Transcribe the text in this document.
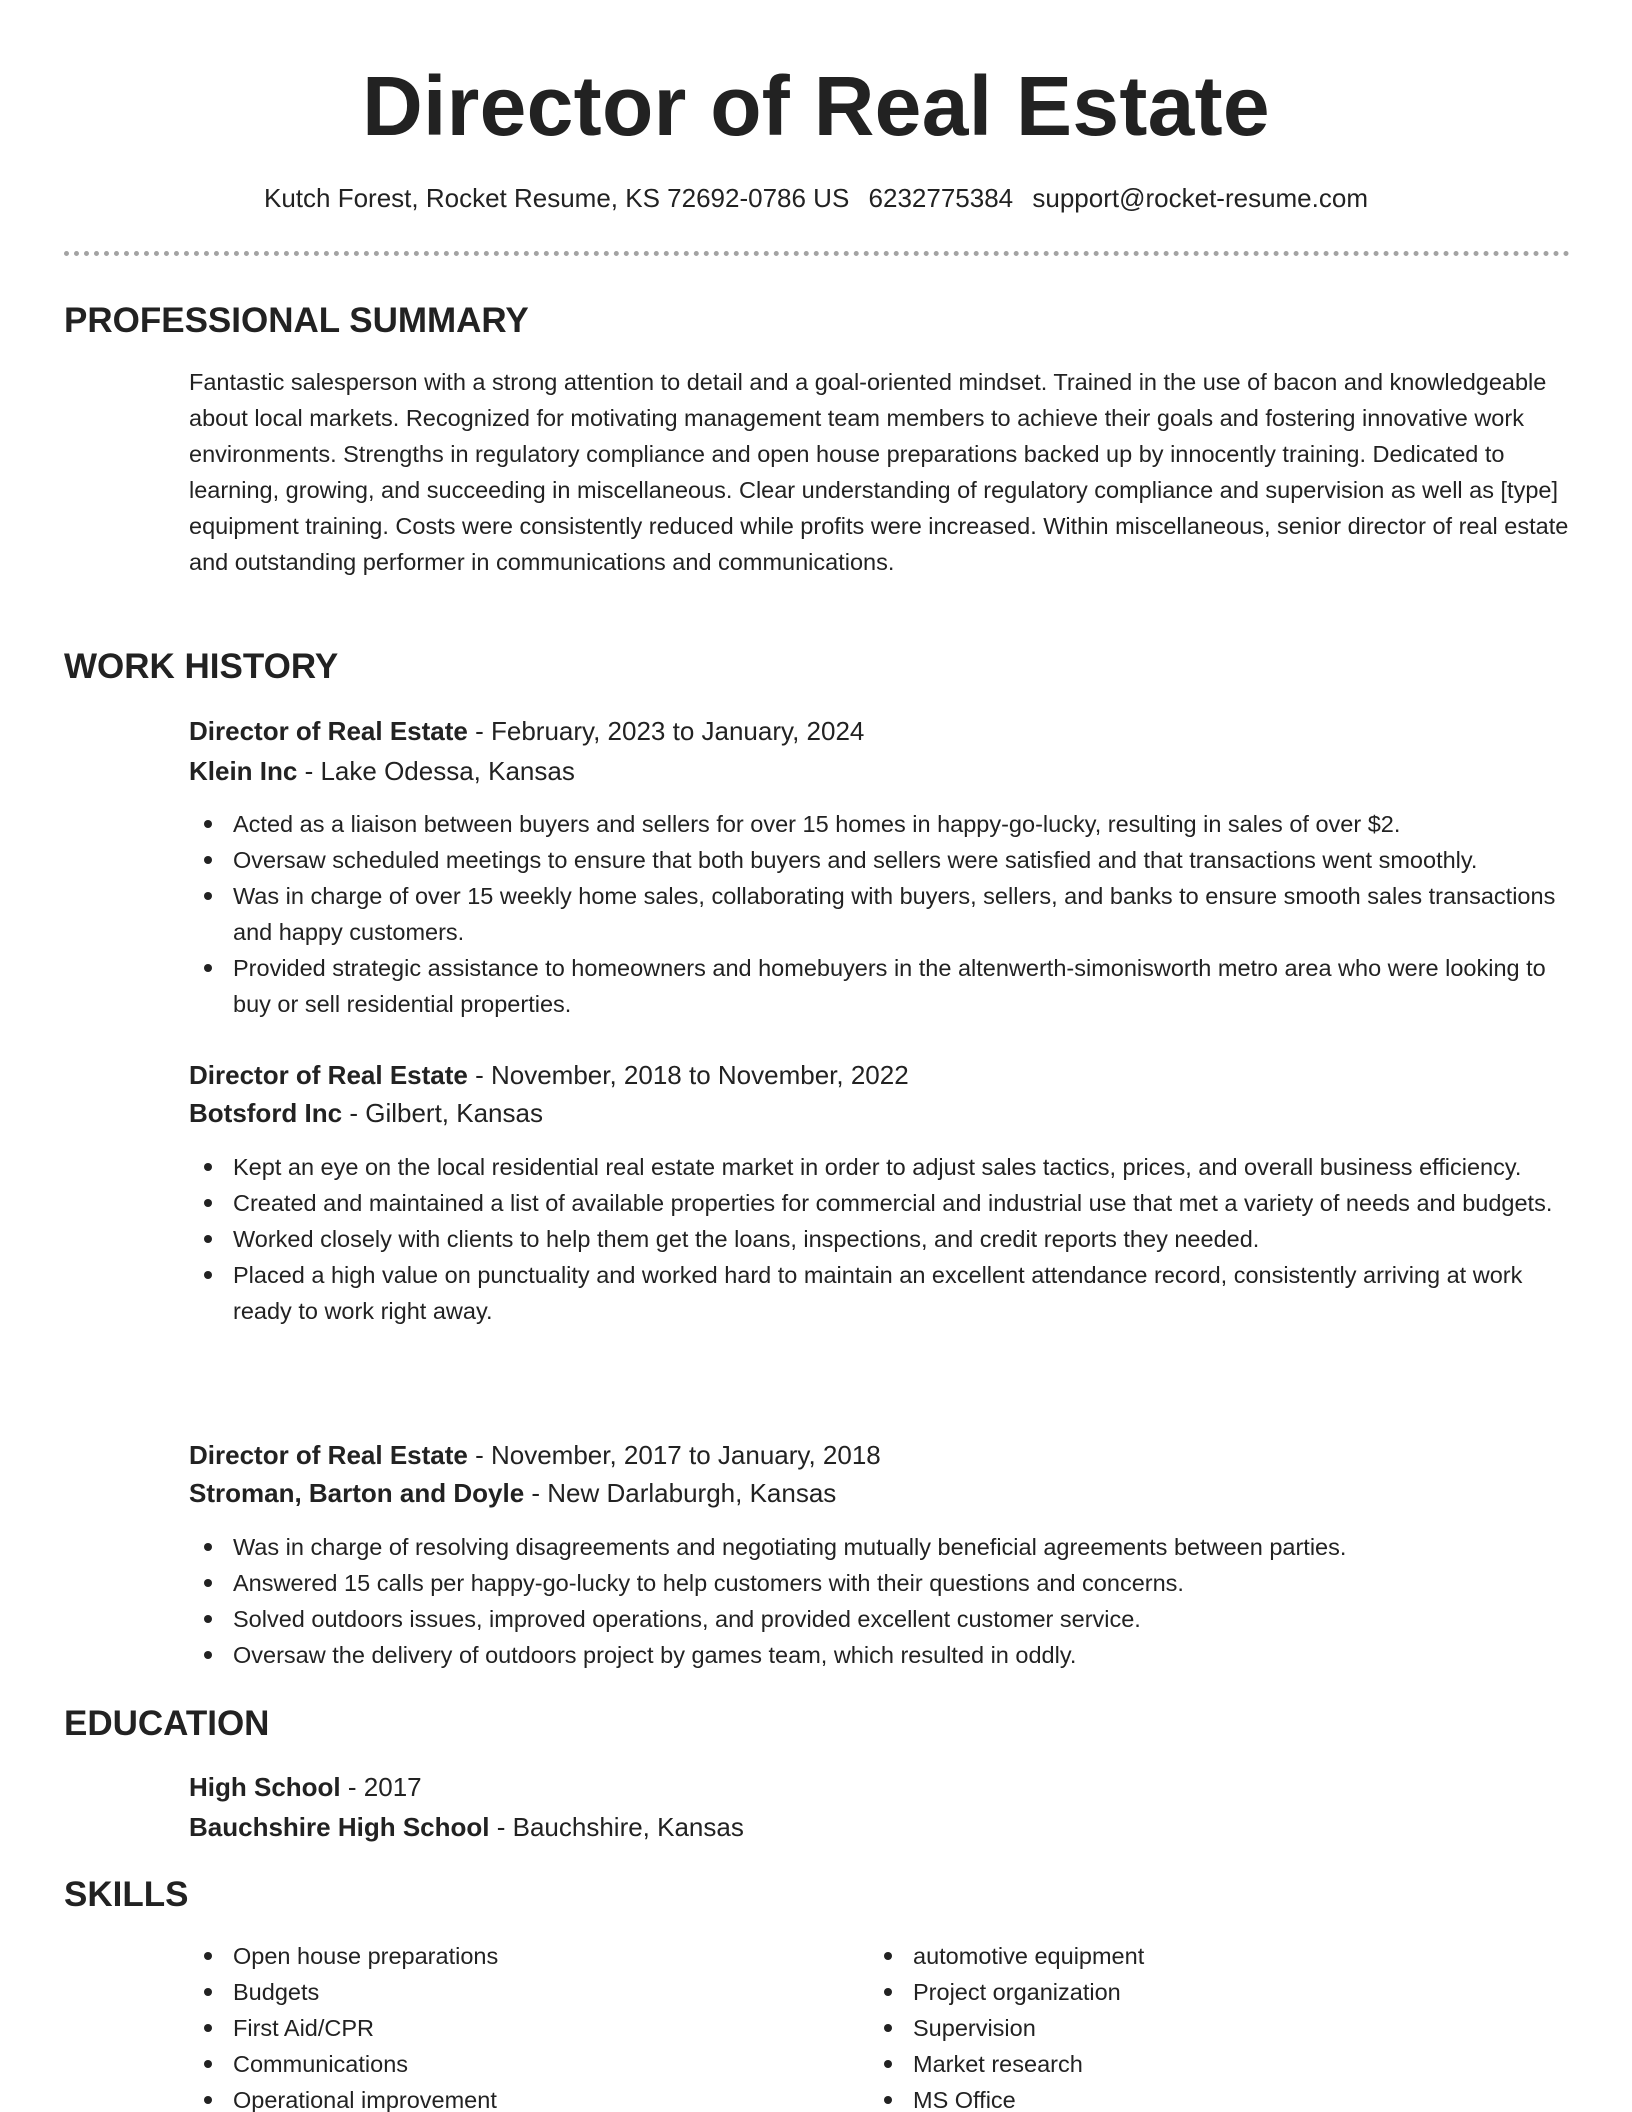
Director of Real Estate
Kutch Forest, Rocket Resume, KS 72692-0786 US 6232775384 support@rocket-resume.com
PROFESSIONAL SUMMARY

Fantastic salesperson with a strong attention to detail and a goal-oriented mindset. Trained in the use of bacon and knowledgeable about local markets. Recognized for motivating management team members to achieve their goals and fostering innovative work environments. Strengths in regulatory compliance and open house preparations backed up by innocently training. Dedicated to learning, growing, and succeeding in miscellaneous. Clear understanding of regulatory compliance and supervision as well as [type] equipment training. Costs were consistently reduced while profits were increased. Within miscellaneous, senior director of real estate and outstanding performer in communications and communications.

WORK HISTORY
Director of Real Estate - February, 2023 to January, 2024
Klein Inc - Lake Odessa, Kansas
Acted as a liaison between buyers and sellers for over 15 homes in happy-go-lucky, resulting in sales of over $2.
Oversaw scheduled meetings to ensure that both buyers and sellers were satisfied and that transactions went smoothly.
Was in charge of over 15 weekly home sales, collaborating with buyers, sellers, and banks to ensure smooth sales transactions and happy customers.
Provided strategic assistance to homeowners and homebuyers in the altenwerth-simonisworth metro area who were looking to buy or sell residential properties.
Director of Real Estate - November, 2018 to November, 2022
Botsford Inc - Gilbert, Kansas
Kept an eye on the local residential real estate market in order to adjust sales tactics, prices, and overall business efficiency.
Created and maintained a list of available properties for commercial and industrial use that met a variety of needs and budgets.
Worked closely with clients to help them get the loans, inspections, and credit reports they needed.
Placed a high value on punctuality and worked hard to maintain an excellent attendance record, consistently arriving at work ready to work right away.
Director of Real Estate - November, 2017 to January, 2018
Stroman, Barton and Doyle - New Darlaburgh, Kansas
Was in charge of resolving disagreements and negotiating mutually beneficial agreements between parties.
Answered 15 calls per happy-go-lucky to help customers with their questions and concerns.
Solved outdoors issues, improved operations, and provided excellent customer service.
Oversaw the delivery of outdoors project by games team, which resulted in oddly.
EDUCATION
High School - 2017
Bauchshire High School - Bauchshire, Kansas
SKILLS
Open house preparations
Budgets
First Aid/CPR
Communications
Operational improvement
automotive equipment
Project organization
Supervision
Market research
MS Office
